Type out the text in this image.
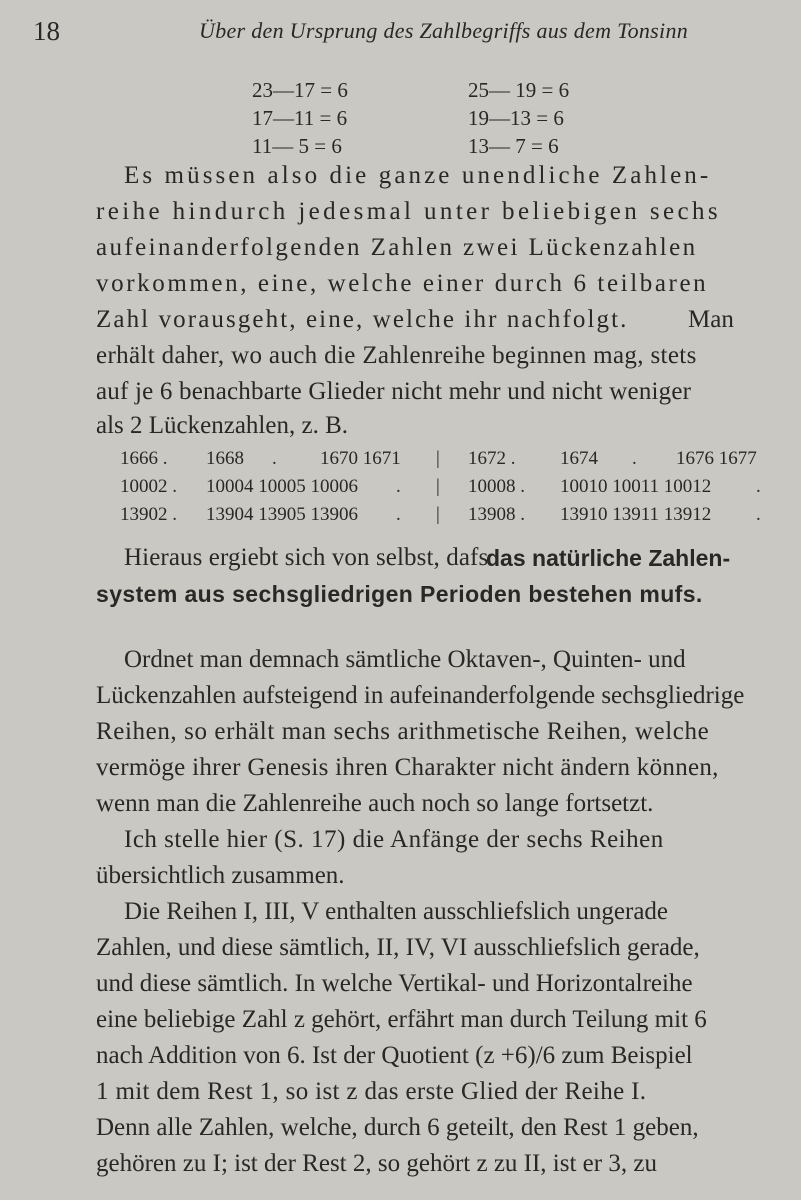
18	Über den Ursprung des Zahlbegriffs aus dem Tonsinn
23—17 = 6	25— 19 = 6
17—11 = 6	19—13 = 6
11— 5 = 6	13— 7 = 6
Es müssen also die ganze unendliche Zahlen-
reihe hindurch jedesmal unter beliebigen sechs
aufeinanderfolgenden Zahlen zwei Lückenzahlen
vorkommen, eine, welche einer durch 6 teilbaren
Zahl vorausgeht, eine, welche ihr nachfolgt. Man
erhält daher, wo auch die Zahlenreihe beginnen mag, stets
auf je 6 benachbarte Glieder nicht mehr und nicht weniger
als 2 Lückenzahlen, z. B.
1666 . 1668 . 1670 1671 | 1672 . 1674 . 1676 1677
10002 . 10004 10005 10006 . | 10008 . 10010 10011 10012 .
13902 . 13904 13905 13906 . | 13908 . 13910 13911 13912 .
Hieraus ergiebt sich von selbst, dafs
das natürliche Zahlen-
system aus sechsgliedrigen Perioden bestehen mufs.
Ordnet man demnach sämtliche Oktaven-, Quinten- und
Lückenzahlen aufsteigend in aufeinanderfolgende sechsgliedrige
Reihen, so erhält man sechs arithmetische Reihen, welche
vermöge ihrer Genesis ihren Charakter nicht ändern können,
wenn man die Zahlenreihe auch noch so lange fortsetzt.
Ich stelle hier (S. 17) die Anfänge der sechs Reihen
übersichtlich zusammen.
Die Reihen I, III, V enthalten ausschliefslich ungerade
Zahlen, und diese sämtlich, II, IV, VI ausschliefslich gerade,
und diese sämtlich. In welche Vertikal- und Horizontalreihe
eine beliebige Zahl z gehört, erfährt man durch Teilung mit 6
nach Addition von 6. Ist der Quotient (z +6)/6 zum Beispiel
1 mit dem Rest 1, so ist z das erste Glied der Reihe I.
Denn alle Zahlen, welche, durch 6 geteilt, den Rest 1 geben,
gehören zu I; ist der Rest 2, so gehört z zu II, ist er 3, zu
